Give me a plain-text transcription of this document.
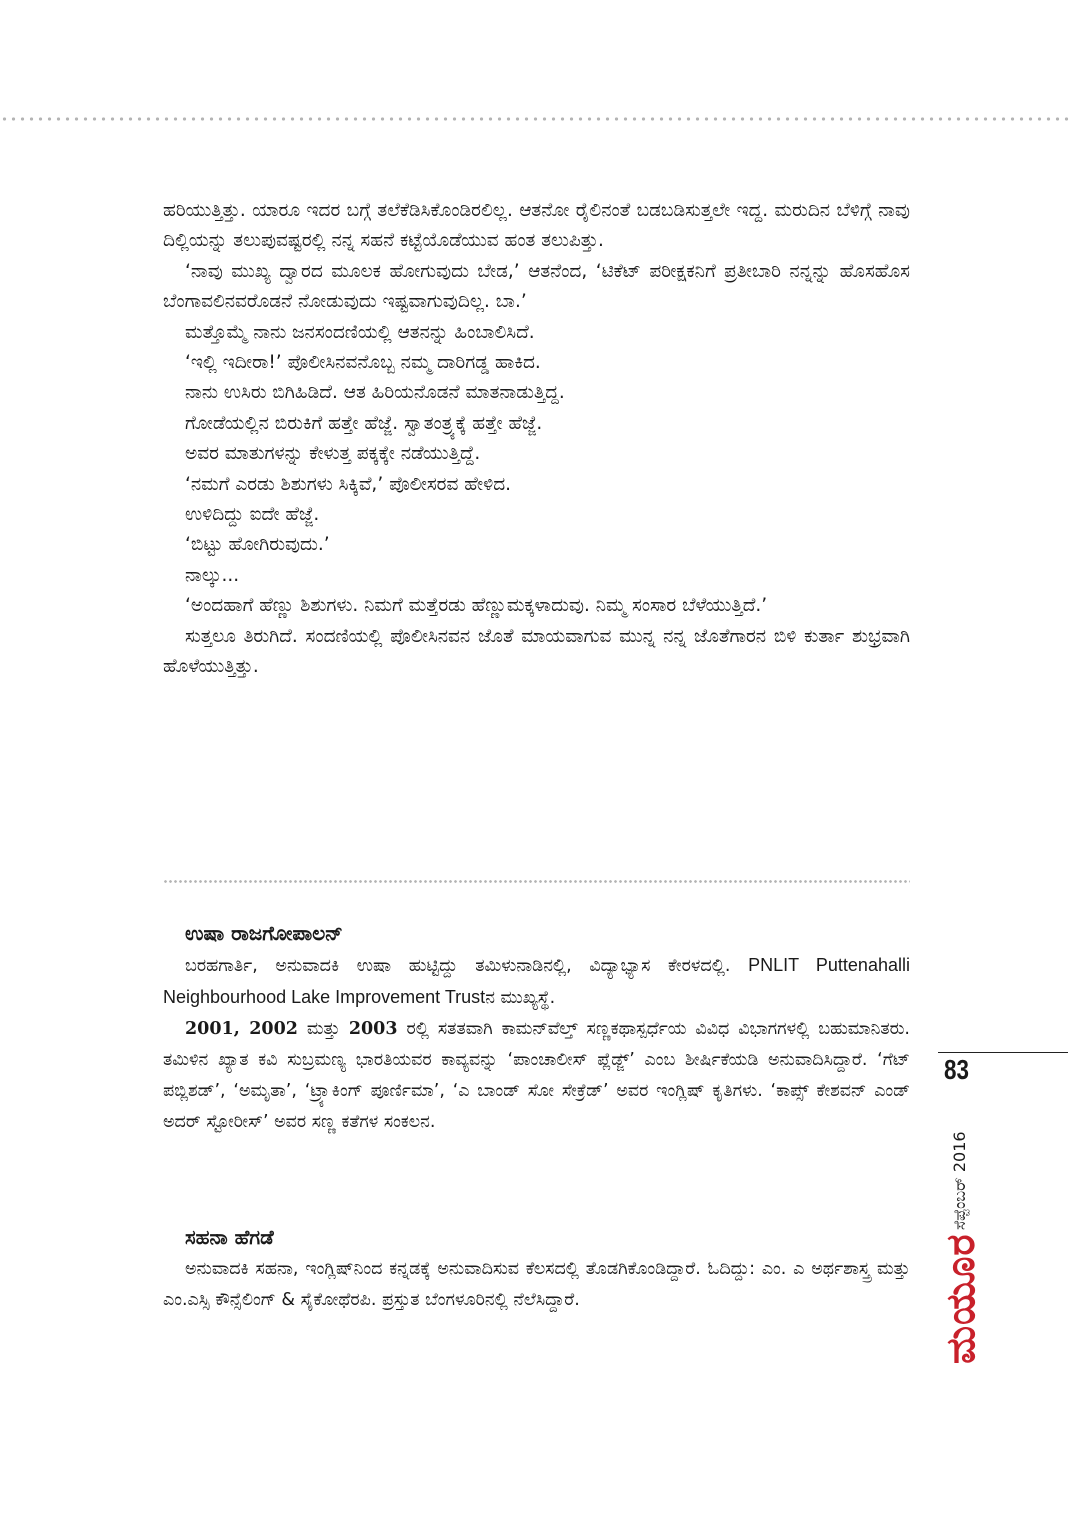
ಹರಿಯುತ್ತಿತ್ತು. ಯಾರೂ ಇದರ ಬಗ್ಗೆ ತಲೆಕೆಡಿಸಿಕೊಂಡಿರಲಿಲ್ಲ. ಆತನೋ ರೈಲಿನಂತೆ ಬಡಬಡಿಸುತ್ತಲೇ ಇದ್ದ. ಮರುದಿನ ಬೆಳಿಗ್ಗೆ ನಾವು ದಿಲ್ಲಿಯನ್ನು ತಲುಪುವಷ್ಟರಲ್ಲಿ ನನ್ನ ಸಹನೆ ಕಟ್ಟೆಯೊಡೆಯುವ ಹಂತ ತಲುಪಿತ್ತು.

‘ನಾವು ಮುಖ್ಯ ದ್ವಾರದ ಮೂಲಕ ಹೋಗುವುದು ಬೇಡ,’ ಆತನೆಂದ, ‘ಟಿಕೆಟ್ ಪರೀಕ್ಷಕನಿಗೆ ಪ್ರತೀಬಾರಿ ನನ್ನನ್ನು ಹೊಸಹೊಸ ಬೆಂಗಾವಲಿನವರೊಡನೆ ನೋಡುವುದು ಇಷ್ಟವಾಗುವುದಿಲ್ಲ. ಬಾ.’

ಮತ್ತೊಮ್ಮೆ ನಾನು ಜನಸಂದಣಿಯಲ್ಲಿ ಆತನನ್ನು ಹಿಂಬಾಲಿಸಿದೆ.

‘ಇಲ್ಲಿ ಇದೀರಾ!’ ಪೊಲೀಸಿನವನೊಬ್ಬ ನಮ್ಮ ದಾರಿಗಡ್ಡ ಹಾಕಿದ.

ನಾನು ಉಸಿರು ಬಿಗಿಹಿಡಿದೆ. ಆತ ಹಿರಿಯನೊಡನೆ ಮಾತನಾಡುತ್ತಿದ್ದ.

ಗೋಡೆಯಲ್ಲಿನ ಬಿರುಕಿಗೆ ಹತ್ತೇ ಹೆಜ್ಜೆ. ಸ್ವಾತಂತ್ರ್ಯಕ್ಕೆ ಹತ್ತೇ ಹೆಜ್ಜೆ.

ಅವರ ಮಾತುಗಳನ್ನು ಕೇಳುತ್ತ ಪಕ್ಕಕ್ಕೇ ನಡೆಯುತ್ತಿದ್ದೆ.

‘ನಮಗೆ ಎರಡು ಶಿಶುಗಳು ಸಿಕ್ಕಿವೆ,’ ಪೊಲೀಸರವ ಹೇಳಿದ.

ಉಳಿದಿದ್ದು ಐದೇ ಹೆಜ್ಜೆ.

‘ಬಿಟ್ಟು ಹೋಗಿರುವುದು.’

ನಾಲ್ಕು...

‘ಅಂದಹಾಗೆ ಹೆಣ್ಣು ಶಿಶುಗಳು. ನಿಮಗೆ ಮತ್ತೆರಡು ಹೆಣ್ಣುಮಕ್ಕಳಾದುವು. ನಿಮ್ಮ ಸಂಸಾರ ಬೆಳೆಯುತ್ತಿದೆ.’

ಸುತ್ತಲೂ ತಿರುಗಿದೆ. ಸಂದಣಿಯಲ್ಲಿ ಪೊಲೀಸಿನವನ ಜೊತೆ ಮಾಯವಾಗುವ ಮುನ್ನ ನನ್ನ ಜೊತೆಗಾರನ ಬಿಳಿ ಕುರ್ತಾ ಶುಭ್ರವಾಗಿ ಹೊಳೆಯುತ್ತಿತ್ತು.

ಉಷಾ ರಾಜಗೋಪಾಲನ್

ಬರಹಗಾರ್ತಿ, ಅನುವಾದಕಿ ಉಷಾ ಹುಟ್ಟಿದ್ದು ತಮಿಳುನಾಡಿನಲ್ಲಿ, ವಿದ್ಯಾಭ್ಯಾಸ ಕೇರಳದಲ್ಲಿ. PNLIT Puttenahalli Neighbourhood Lake Improvement Trustನ ಮುಖ್ಯಸ್ಥೆ.

2001, 2002 ಮತ್ತು 2003 ರಲ್ಲಿ ಸತತವಾಗಿ ಕಾಮನ್‌ವೆಲ್ತ್ ಸಣ್ಣಕಥಾಸ್ಪರ್ಧೆಯ ವಿವಿಧ ವಿಭಾಗಗಳಲ್ಲಿ ಬಹುಮಾನಿತರು. ತಮಿಳಿನ ಖ್ಯಾತ ಕವಿ ಸುಬ್ರಮಣ್ಯ ಭಾರತಿಯವರ ಕಾವ್ಯವನ್ನು ‘ಪಾಂಚಾಲೀಸ್ ಪ್ಲೆಡ್ಜ್’ ಎಂಬ ಶೀರ್ಷಿಕೆಯಡಿ ಅನುವಾದಿಸಿದ್ದಾರೆ. ‘ಗೆಟ್ ಪಬ್ಲಿಶಡ್’, ‘ಅಮೃತಾ’, ‘ಟ್ರ್ಯಾಕಿಂಗ್ ಪೂರ್ಣಿಮಾ’, ‘ಎ ಬಾಂಡ್ ಸೋ ಸೇಕ್ರೆಡ್’ ಅವರ ಇಂಗ್ಲಿಷ್ ಕೃತಿಗಳು. ‘ಕಾಪ್ಸ್ ಕೇಶವನ್ ಎಂಡ್ ಅದರ್ ಸ್ಟೋರೀಸ್’ ಅವರ ಸಣ್ಣ ಕತೆಗಳ ಸಂಕಲನ.

ಸಹನಾ ಹೆಗಡೆ

ಅನುವಾದಕಿ ಸಹನಾ, ಇಂಗ್ಲಿಷ್‌ನಿಂದ ಕನ್ನಡಕ್ಕೆ ಅನುವಾದಿಸುವ ಕೆಲಸದಲ್ಲಿ ತೊಡಗಿಕೊಂಡಿದ್ದಾರೆ. ಓದಿದ್ದು: ಎಂ. ಎ ಅರ್ಥಶಾಸ್ತ್ರ ಮತ್ತು ಎಂ.ಎಸ್ಸಿ ಕೌನ್ಸೆಲಿಂಗ್ & ಸೈಕೋಥೆರಪಿ. ಪ್ರಸ್ತುತ ಬೆಂಗಳೂರಿನಲ್ಲಿ ನೆಲೆಸಿದ್ದಾರೆ.

ಸೆಪ್ಟೆಂಬರ್ 2016
ಮಯೂರ
83
